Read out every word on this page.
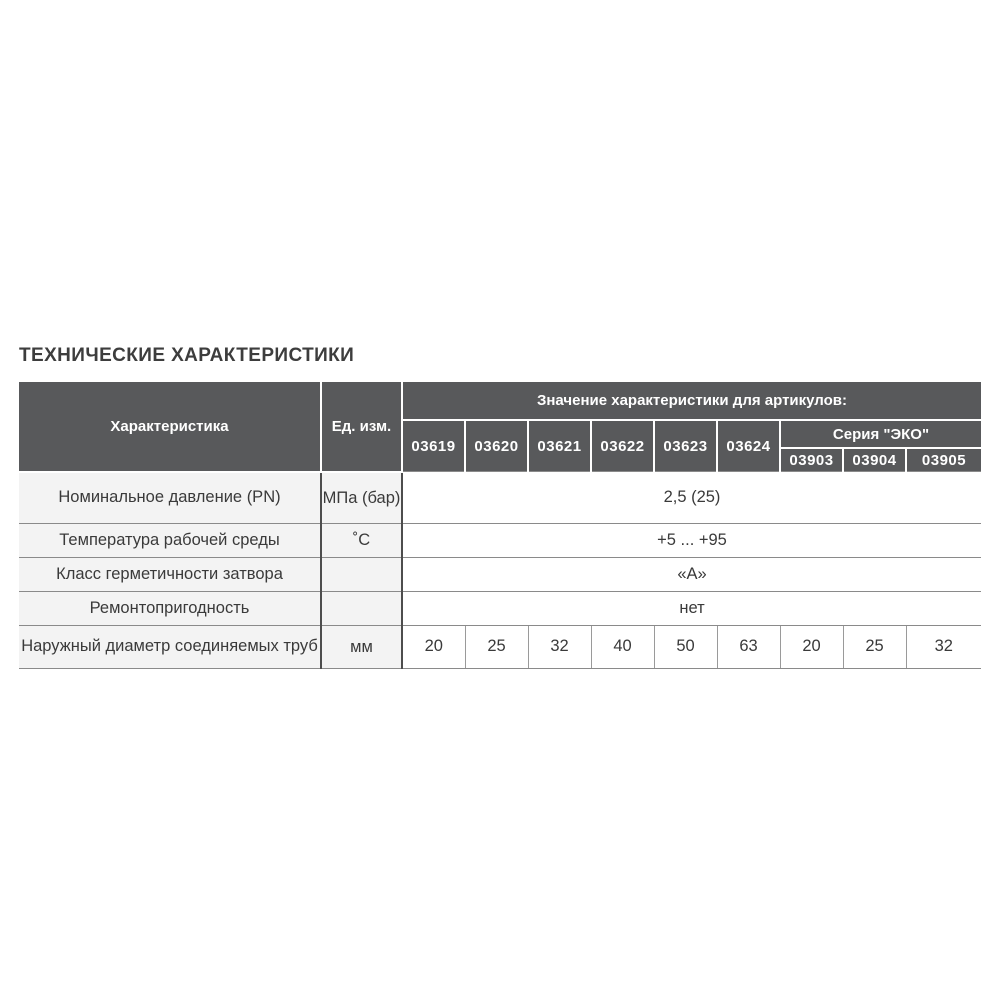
ТЕХНИЧЕСКИЕ ХАРАКТЕРИСТИКИ
Характеристика	Ед. изм.	Значение характеристики для артикулов:								
		03619	03620	03621	03622	03623	03624	Серия "ЭКО"		
								03903	03904	03905
Номинальное давление (PN)	МПа (бар)	2,5 (25)								
Температура рабочей среды	˚С	+5 ... +95								
Класс герметичности затвора		«А»								
Ремонтопригодность		нет								
Наружный диаметр соединяемых труб	мм	20	25	32	40	50	63	20	25	32
